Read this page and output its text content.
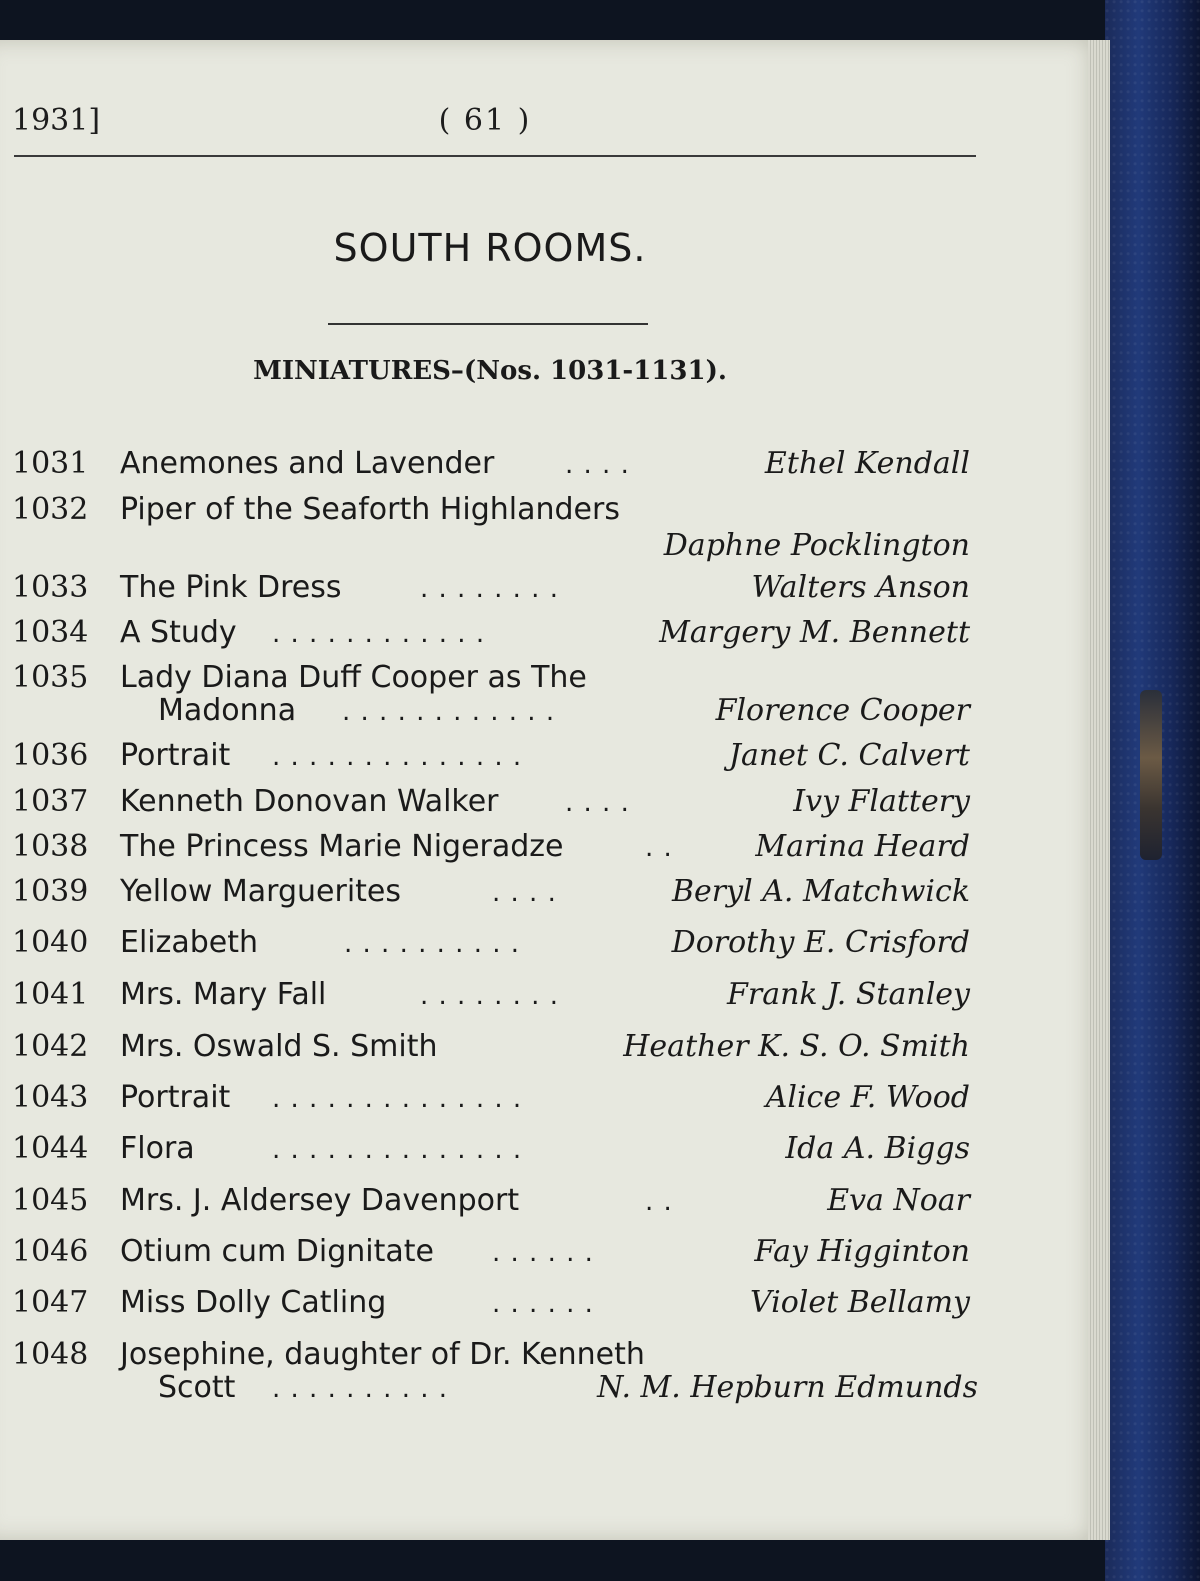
1931]	( 61 )
SOUTH ROOMS.
MINIATURES–(Nos. 1031-1131).
1031 Anemones and Lavender	. . . .	Ethel Kendall
1032 Piper of the Seaforth Highlanders
Daphne Pocklington
1033 The Pink Dress	. . . . . . . .	Walters Anson
1034 A Study . . . . . . . . . . . .	Margery M. Bennett
1035 Lady Diana Duff Cooper as The
Madonna . . . . . . . . . . . .	Florence Cooper
1036 Portrait . . . . . . . . . . . . . .	Janet C. Calvert
1037 Kenneth Donovan Walker	. . . .	Ivy Flattery
1038 The Princess Marie Nigeradze	. .	Marina Heard
1039 Yellow Marguerites	. . . .	Beryl A. Matchwick
1040 Elizabeth	. . . . . . . . . .	Dorothy E. Crisford
1041 Mrs. Mary Fall	. . . . . . . .	Frank J. Stanley
1042 Mrs. Oswald S. Smith	Heather K. S. O. Smith
1043 Portrait . . . . . . . . . . . . . .	Alice F. Wood
1044 Flora	. . . . . . . . . . . . . .	Ida A. Biggs
1045 Mrs. J. Aldersey Davenport	. .	Eva Noar
1046 Otium cum Dignitate . . . . . .	Fay Higginton
1047 Miss Dolly Catling	. . . . . .	Violet Bellamy
1048 Josephine, daughter of Dr. Kenneth
Scott . . . . . . . . . .	N. M. Hepburn Edmunds
